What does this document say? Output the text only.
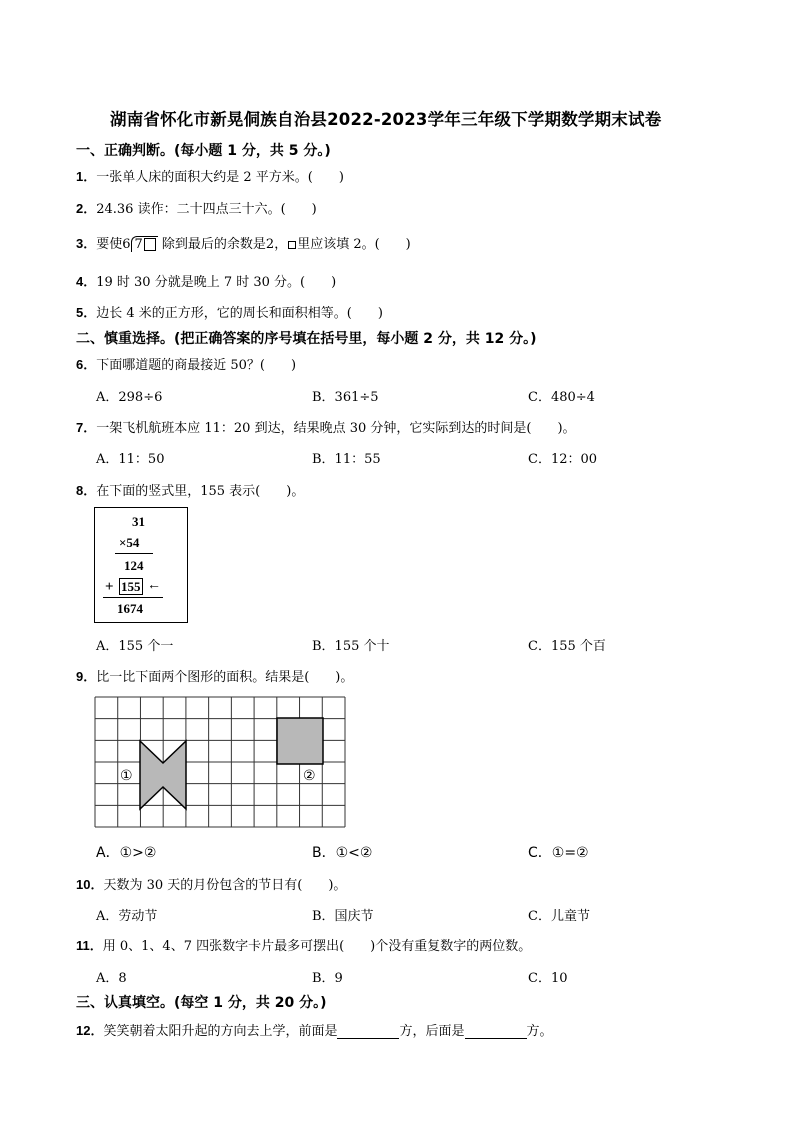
湖南省怀化市新晃侗族自治县2022-2023学年三年级下学期数学期末试卷
一、正确判断。(每小题 1 分，共 5 分。)
1．一张单人床的面积大约是 2 平方米。(　　)
2．24.36 读作：二十四点三十六。(　　)
3．要使6 7 除到最后的余数是2， 里应该填 2。(　　)
4．19 时 30 分就是晚上 7 时 30 分。(　　)
5．边长 4 米的正方形，它的周长和面积相等。(　　)
二、慎重选择。(把正确答案的序号填在括号里，每小题 2 分，共 12 分。)
6．下面哪道题的商最接近 50？(　　)
A．298÷6	B．361÷5	C．480÷4
7．一架飞机航班本应 11：20 到达，结果晚点 30 分钟，它实际到达的时间是(　　)。
A．11：50	B．11：55	C．12：00
8．在下面的竖式里，155 表示(　　)。
31
×54
124
+ 155 ←
1674
A．155 个一	B．155 个十	C．155 个百
9．比一比下面两个图形的面积。结果是(　　)。
①	②
A．①>②	B．①<②	C．①=②
10．天数为 30 天的月份包含的节日有(　　)。
A．劳动节	B．国庆节	C．儿童节
11．用 0、1、4、7 四张数字卡片最多可摆出(　　)个没有重复数字的两位数。
A．8	B．9	C．10
三、认真填空。(每空 1 分，共 20 分。)
12．笑笑朝着太阳升起的方向去上学，前面是	方，后面是	方。
